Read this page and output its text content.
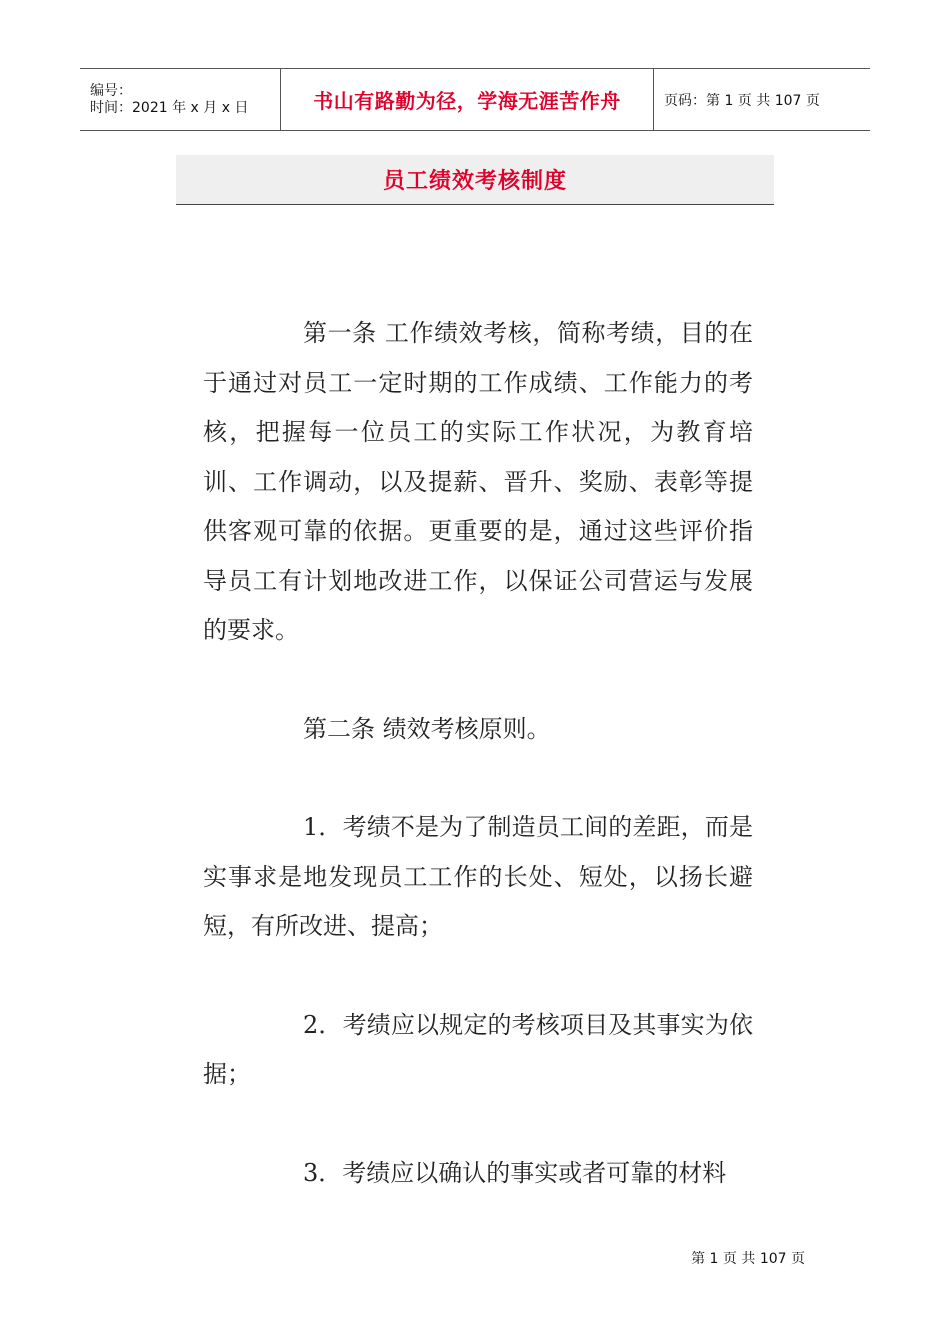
编号：
时间：2021 年 x 月 x 日	书山有路勤为径，学海无涯苦作舟	页码：第 1 页 共 107 页
员工绩效考核制度

第一条 工作绩效考核，简称考绩，目的在于通过对员工一定时期的工作成绩、工作能力的考核，把握每一位员工的实际工作状况，为教育培训、工作调动，以及提薪、晋升、奖励、表彰等提供客观可靠的依据。更重要的是，通过这些评价指导员工有计划地改进工作，以保证公司营运与发展的要求。

第二条 绩效考核原则。

1．考绩不是为了制造员工间的差距，而是实事求是地发现员工工作的长处、短处，以扬长避短，有所改进、提高；

2．考绩应以规定的考核项目及其事实为依据；

3．考绩应以确认的事实或者可靠的材料

第 1 页 共 107 页
